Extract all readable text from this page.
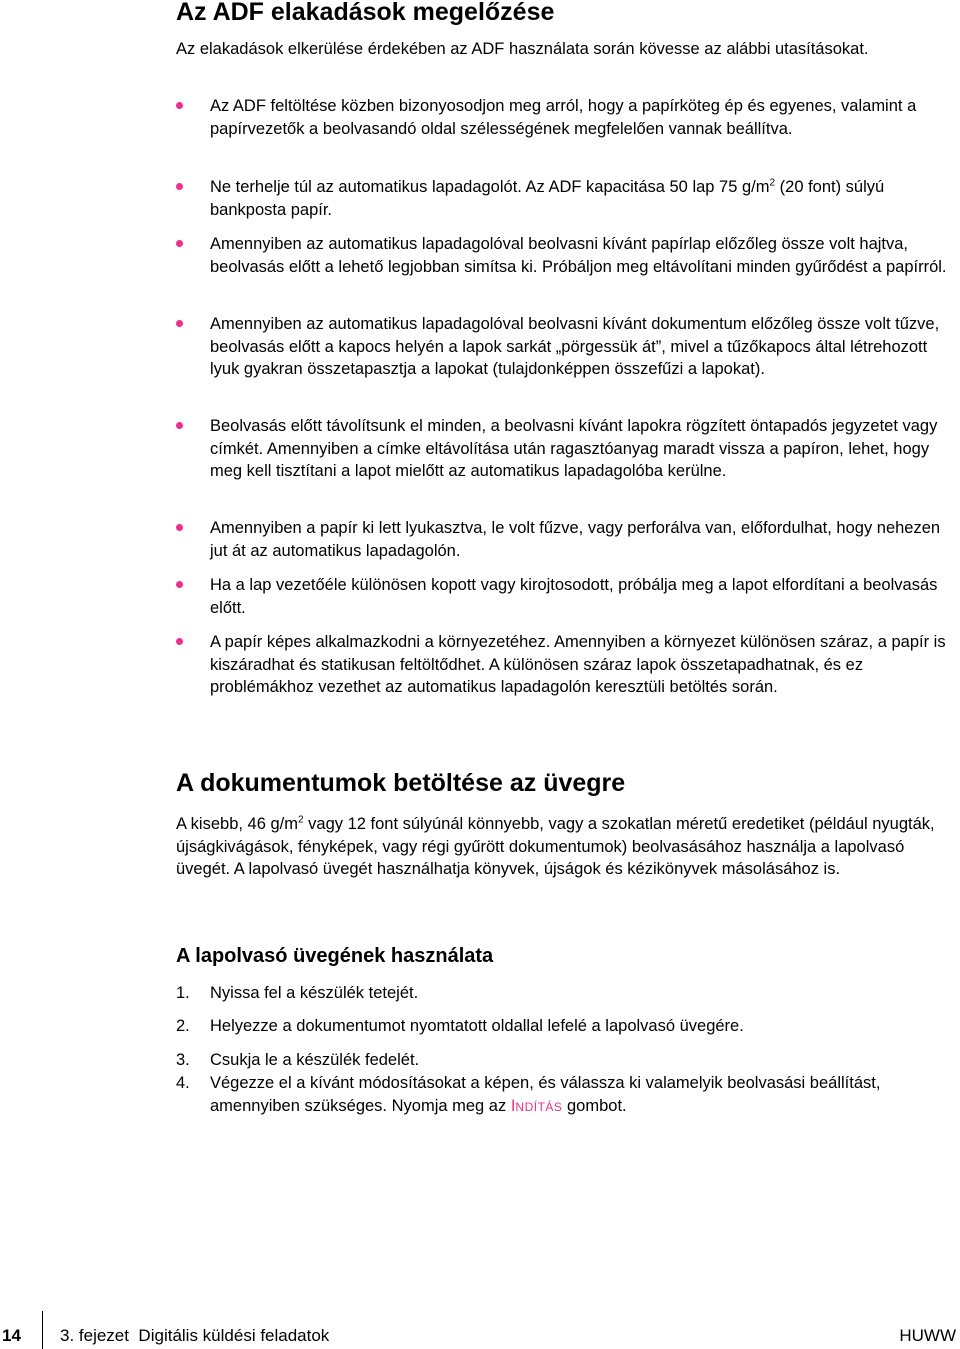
Az ADF elakadások megelőzése

Az elakadások elkerülése érdekében az ADF használata során kövesse az alábbi utasításokat.

Az ADF feltöltése közben bizonyosodjon meg arról, hogy a papírköteg ép és egyenes, valamint a papírvezetők a beolvasandó oldal szélességének megfelelően vannak beállítva.

Ne terhelje túl az automatikus lapadagolót. Az ADF kapacitása 50 lap 75 $g/m^2$ (20 font) súlyú bankposta papír.

Amennyiben az automatikus lapadagolóval beolvasni kívánt papírlap előzőleg össze volt hajtva, beolvasás előtt a lehető legjobban simítsa ki. Próbáljon meg eltávolítani minden gyűrődést a papírról.

Amennyiben az automatikus lapadagolóval beolvasni kívánt dokumentum előzőleg össze volt tűzve, beolvasás előtt a kapocs helyén a lapok sarkát „pörgessük át”, mivel a tűzőkapocs által létrehozott lyuk gyakran összetapasztja a lapokat (tulajdonképpen összefűzi a lapokat).

Beolvasás előtt távolítsunk el minden, a beolvasni kívánt lapokra rögzített öntapadós jegyzetet vagy címkét. Amennyiben a címke eltávolítása után ragasztóanyag maradt vissza a papíron, lehet, hogy meg kell tisztítani a lapot mielőtt az automatikus lapadagolóba kerülne.

Amennyiben a papír ki lett lyukasztva, le volt fűzve, vagy perforálva van, előfordulhat, hogy nehezen jut át az automatikus lapadagolón.

Ha a lap vezetőéle különösen kopott vagy kirojtosodott, próbálja meg a lapot elfordítani a beolvasás előtt.

A papír képes alkalmazkodni a környezetéhez. Amennyiben a környezet különösen száraz, a papír is kiszáradhat és statikusan feltöltődhet. A különösen száraz lapok összetapadhatnak, és ez problémákhoz vezethet az automatikus lapadagolón keresztüli betöltés során.

A dokumentumok betöltése az üvegre

A kisebb, 46 $g/m^2$ vagy 12 font súlyúnál könnyebb, vagy a szokatlan méretű eredetiket (például nyugták, újságkivágások, fényképek, vagy régi gyűrött dokumentumok) beolvasásához használja a lapolvasó üvegét. A lapolvasó üvegét használhatja könyvek, újságok és kézikönyvek másolásához is.

A lapolvasó üvegének használata
1. Nyissa fel a készülék tetejét.

2. Helyezze a dokumentumot nyomtatott oldallal lefelé a lapolvasó üvegére.

3. Csukja le a készülék fedelét.

4. Végezze el a kívánt módosításokat a képen, és válassza ki valamelyik beolvasási beállítást, amennyiben szükséges. Nyomja meg az INDÍTÁS gombot.

14 3. fejezet  Digitális küldési feladatok	HUWW
